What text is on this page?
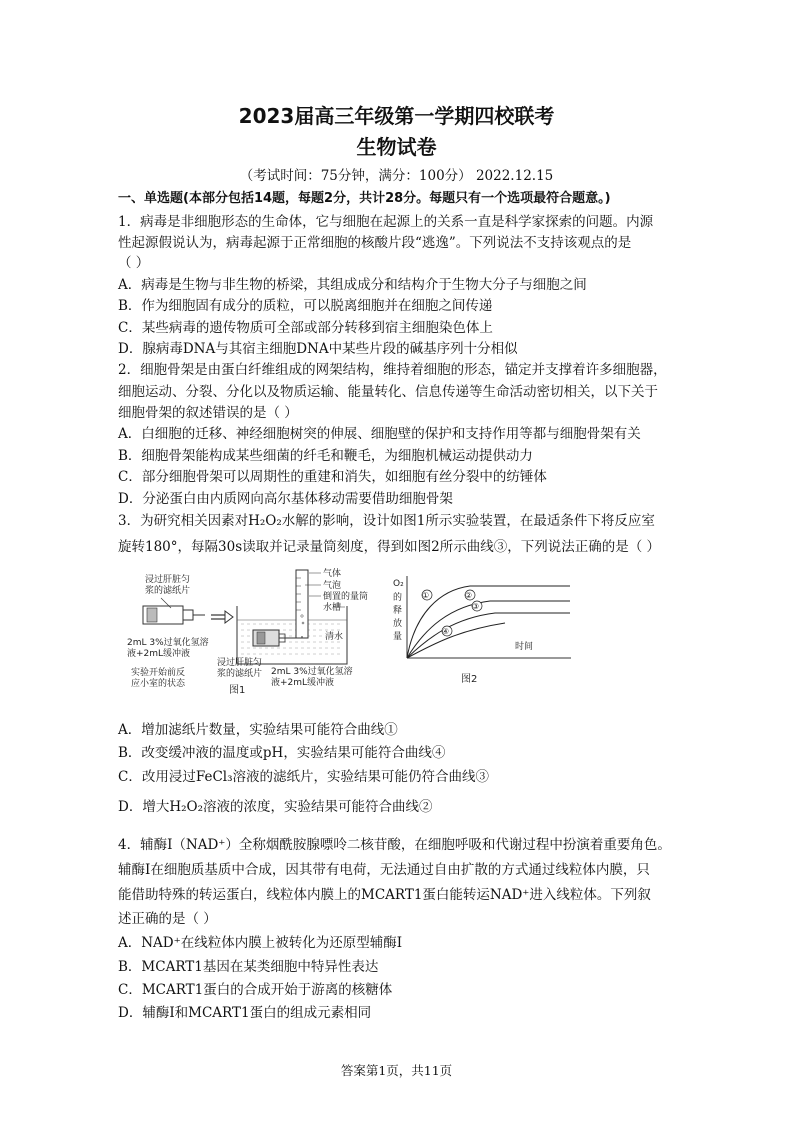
2023届高三年级第一学期四校联考
生物试卷
（考试时间：75分钟，满分：100分） 2022.12.15
一、单选题(本部分包括14题，每题2分，共计28分。每题只有一个选项最符合题意。)
1．病毒是非细胞形态的生命体，它与细胞在起源上的关系一直是科学家探索的问题。内源
性起源假说认为，病毒起源于正常细胞的核酸片段“逃逸”。下列说法不支持该观点的是
（ ）
A．病毒是生物与非生物的桥梁，其组成成分和结构介于生物大分子与细胞之间
B．作为细胞固有成分的质粒，可以脱离细胞并在细胞之间传递
C．某些病毒的遗传物质可全部或部分转移到宿主细胞染色体上
D．腺病毒DNA与其宿主细胞DNA中某些片段的碱基序列十分相似
2．细胞骨架是由蛋白纤维组成的网架结构，维持着细胞的形态，锚定并支撑着许多细胞器，
细胞运动、分裂、分化以及物质运输、能量转化、信息传递等生命活动密切相关，以下关于
细胞骨架的叙述错误的是（ ）
A．白细胞的迁移、神经细胞树突的伸展、细胞壁的保护和支持作用等都与细胞骨架有关
B．细胞骨架能构成某些细菌的纤毛和鞭毛，为细胞机械运动提供动力
C．部分细胞骨架可以周期性的重建和消失，如细胞有丝分裂中的纺锤体
D．分泌蛋白由内质网向高尔基体移动需要借助细胞骨架
3．为研究相关因素对H₂O₂水解的影响，设计如图1所示实验装置，在最适条件下将反应室
旋转180°，每隔30s读取并记录量筒刻度，得到如图2所示曲线③，下列说法正确的是（ ）
浸过肝脏匀
浆的滤纸片
2mL 3%过氧化氢溶
液+2mL缓冲液
实验开始前反
应小室的状态
气体
气泡
倒置的量筒
水槽
清水
浸过肝脏匀
浆的滤纸片 2mL 3%过氧化氢溶
液+2mL缓冲液
图1
①	②
③
④
O₂
的
释
放
量
时间
图2
A．增加滤纸片数量，实验结果可能符合曲线①
B．改变缓冲液的温度或pH，实验结果可能符合曲线④
C．改用浸过FeCl₃溶液的滤纸片，实验结果可能仍符合曲线③
D．增大H₂O₂溶液的浓度，实验结果可能符合曲线②
4．辅酶I（NAD⁺）全称烟酰胺腺嘌呤二核苷酸，在细胞呼吸和代谢过程中扮演着重要角色。
辅酶I在细胞质基质中合成，因其带有电荷，无法通过自由扩散的方式通过线粒体内膜，只
能借助特殊的转运蛋白，线粒体内膜上的MCART1蛋白能转运NAD⁺进入线粒体。下列叙
述正确的是（ ）
A．NAD⁺在线粒体内膜上被转化为还原型辅酶I
B．MCART1基因在某类细胞中特异性表达
C．MCART1蛋白的合成开始于游离的核糖体
D．辅酶I和MCART1蛋白的组成元素相同
答案第1页，共11页
